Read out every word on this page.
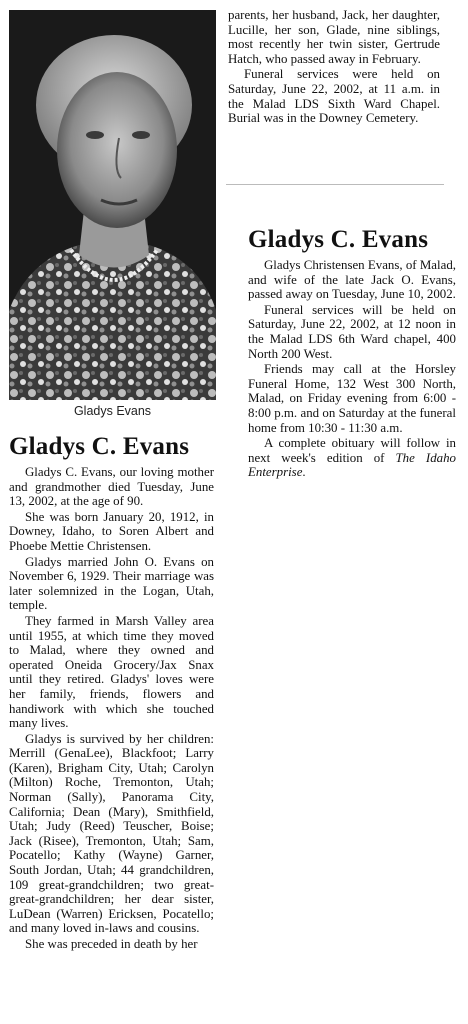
Gladys Evans
Gladys C. Evans

Gladys C. Evans, our loving mother and grandmother died Tuesday, June 13, 2002, at the age of 90.

She was born January 20, 1912, in Downey, Idaho, to Soren Albert and Phoebe Mettie Christensen.

Gladys married John O. Evans on November 6, 1929. Their marriage was later solemnized in the Logan, Utah, temple.

They farmed in Marsh Valley area until 1955, at which time they moved to Malad, where they owned and operated Oneida Grocery/Jax Snax until they retired. Gladys' loves were her family, friends, flowers and handiwork with which she touched many lives.

Gladys is survived by her children: Merrill (GenaLee), Blackfoot; Larry (Karen), Brigham City, Utah; Carolyn (Milton) Roche, Tremonton, Utah; Norman (Sally), Panorama City, California; Dean (Mary), Smithfield, Utah; Judy (Reed) Teuscher, Boise; Jack (Risee), Tremonton, Utah; Sam, Pocatello; Kathy (Wayne) Garner, South Jordan, Utah; 44 grandchildren, 109 great-grandchildren; two great-great-grandchildren; her dear sister, LuDean (Warren) Ericksen, Pocatello; and many loved in-laws and cousins.

She was preceded in death by her

parents, her husband, Jack, her daughter, Lucille, her son, Glade, nine siblings, most recently her twin sister, Gertrude Hatch, who passed away in February.

Funeral services were held on Saturday, June 22, 2002, at 11 a.m. in the Malad LDS Sixth Ward Chapel. Burial was in the Downey Cemetery.

Gladys C. Evans

Gladys Christensen Evans, of Malad, and wife of the late Jack O. Evans, passed away on Tuesday, June 10, 2002.

Funeral services will be held on Saturday, June 22, 2002, at 12 noon in the Malad LDS 6th Ward chapel, 400 North 200 West.

Friends may call at the Horsley Funeral Home, 132 West 300 North, Malad, on Friday evening from 6:00 - 8:00 p.m. and on Saturday at the funeral home from 10:30 - 11:30 a.m.

A complete obituary will follow in next week's edition of The Idaho Enterprise.
